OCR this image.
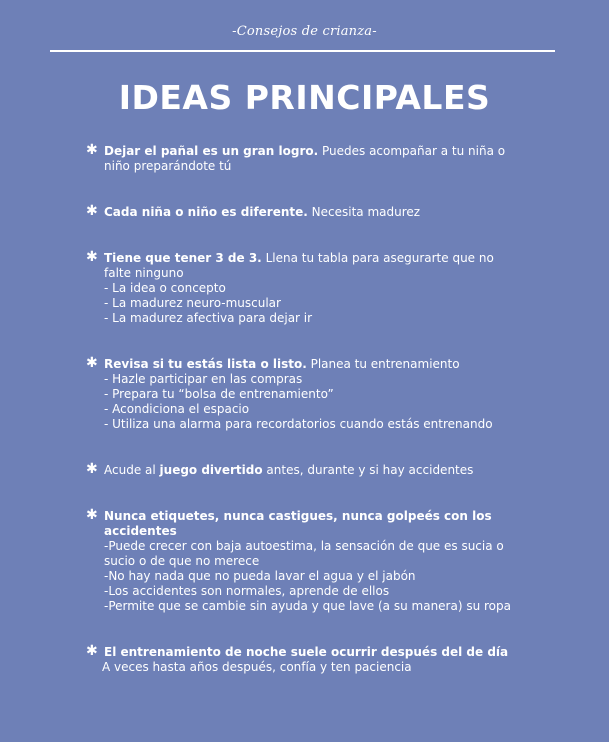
-Consejos de crianza-
IDEAS PRINCIPALES
✱ Dejar el pañal es un gran logro. Puedes acompañar a tu niña o
niño preparándote tú
✱ Cada niña o niño es diferente. Necesita madurez
✱ Tiene que tener 3 de 3. Llena tu tabla para asegurarte que no
falte ninguno
- La idea o concepto
- La madurez neuro-muscular
- La madurez afectiva para dejar ir
✱ Revisa si tu estás lista o listo. Planea tu entrenamiento
- Hazle participar en las compras
- Prepara tu “bolsa de entrenamiento”
- Acondiciona el espacio
- Utiliza una alarma para recordatorios cuando estás entrenando
✱ Acude al juego divertido antes, durante y si hay accidentes
✱ Nunca etiquetes, nunca castigues, nunca golpeés con los
accidentes
-Puede crecer con baja autoestima, la sensación de que es sucia o
sucio o de que no merece
-No hay nada que no pueda lavar el agua y el jabón
-Los accidentes son normales, aprende de ellos
-Permite que se cambie sin ayuda y que lave (a su manera) su ropa
✱ El entrenamiento de noche suele ocurrir después del de día
A veces hasta años después, confía y ten paciencia
